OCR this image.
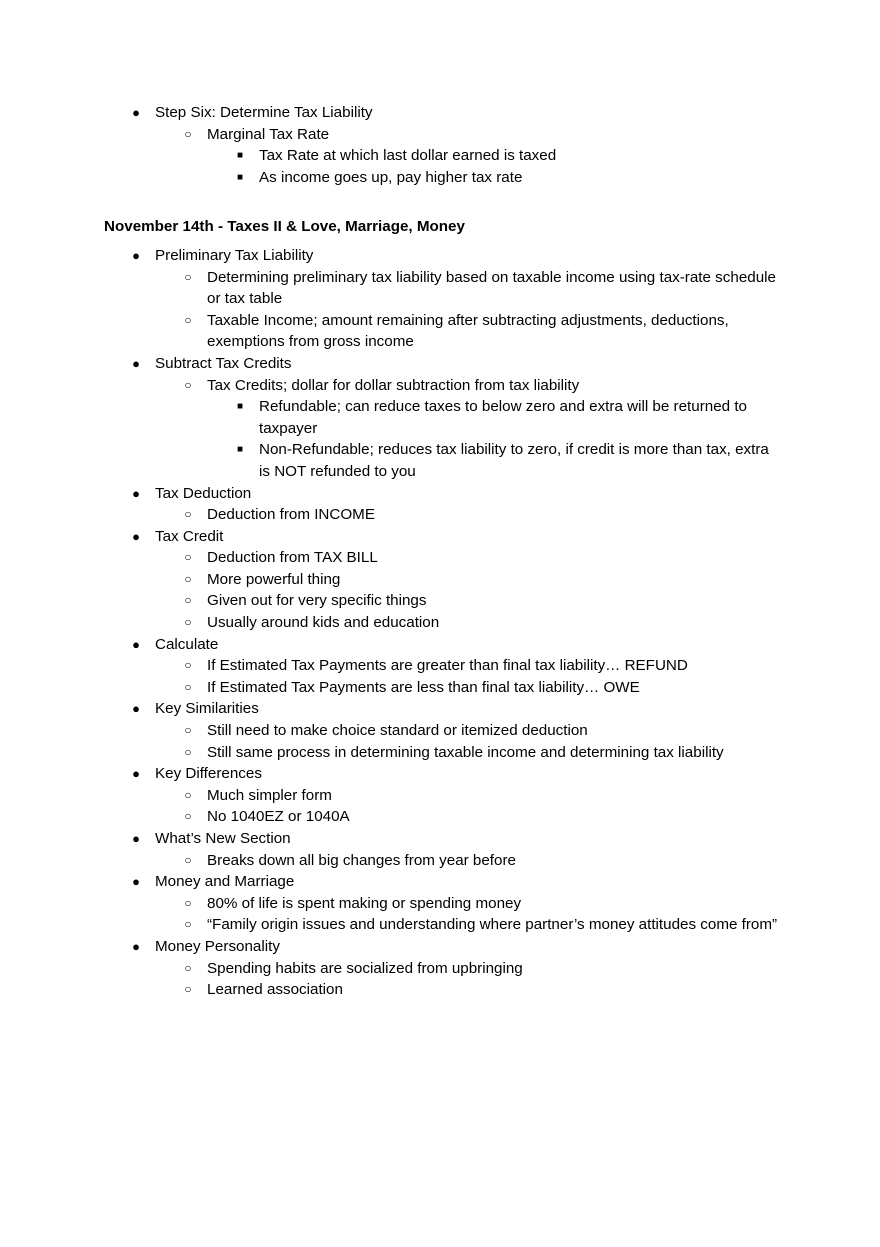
● Step Six: Determine Tax Liability
○ Marginal Tax Rate
■ Tax Rate at which last dollar earned is taxed
■ As income goes up, pay higher tax rate
November 14th - Taxes II & Love, Marriage, Money
● Preliminary Tax Liability
○ Determining preliminary tax liability based on taxable income using tax-rate schedule or tax table
○ Taxable Income; amount remaining after subtracting adjustments, deductions, exemptions from gross income
● Subtract Tax Credits
○ Tax Credits; dollar for dollar subtraction from tax liability
■ Refundable; can reduce taxes to below zero and extra will be returned to taxpayer
■ Non-Refundable; reduces tax liability to zero, if credit is more than tax, extra is NOT refunded to you
● Tax Deduction
○ Deduction from INCOME
● Tax Credit
○ Deduction from TAX BILL
○ More powerful thing
○ Given out for very specific things
○ Usually around kids and education
● Calculate
○ If Estimated Tax Payments are greater than final tax liability… REFUND
○ If Estimated Tax Payments are less than final tax liability… OWE
● Key Similarities
○ Still need to make choice standard or itemized deduction
○ Still same process in determining taxable income and determining tax liability
● Key Differences
○ Much simpler form
○ No 1040EZ or 1040A
● What’s New Section
○ Breaks down all big changes from year before
● Money and Marriage
○ 80% of life is spent making or spending money
○ “Family origin issues and understanding where partner’s money attitudes come from”
● Money Personality
○ Spending habits are socialized from upbringing
○ Learned association
